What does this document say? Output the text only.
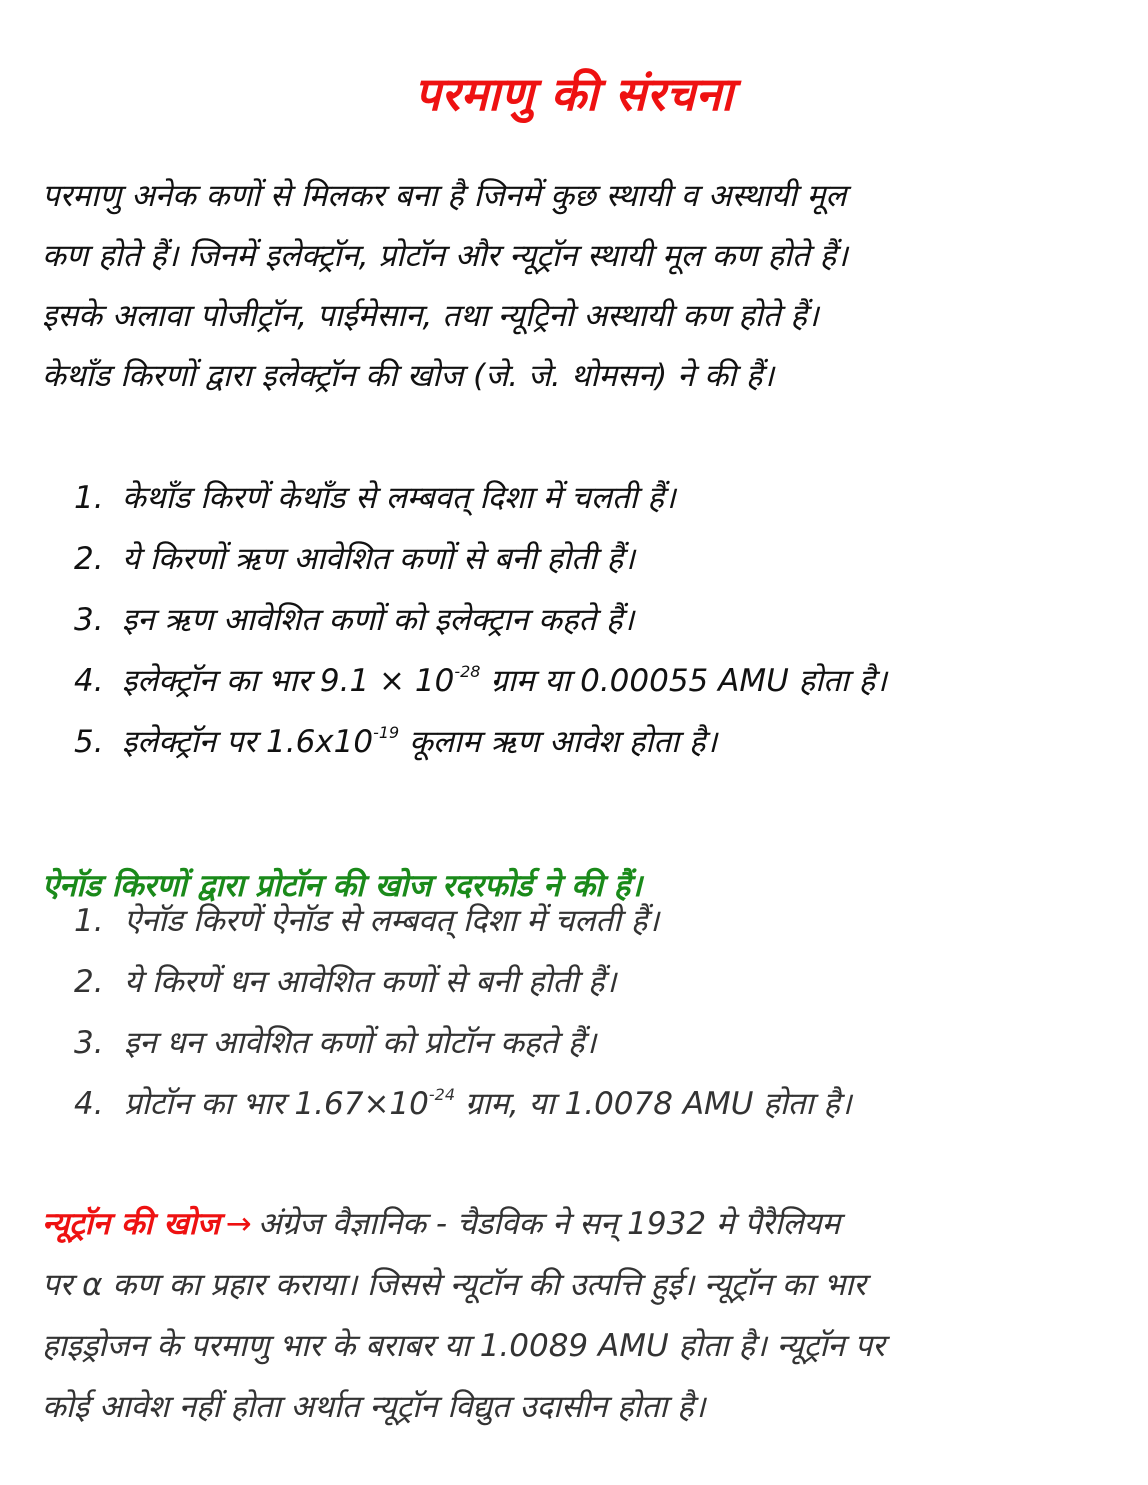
परमाणु की संरचना
परमाणु अनेक कणों से मिलकर बना है जिनमें कुछ स्थायी व अस्थायी मूल
कण होते हैं। जिनमें इलेक्ट्रॉन, प्रोटॉन और न्यूट्रॉन स्थायी मूल कण होते हैं।
इसके अलावा पोजीट्रॉन, पाईमेसान, तथा न्यूट्रिनो अस्थायी कण होते हैं।
केथाँड किरणों द्वारा इलेक्ट्रॉन की खोज (जे. जे. थोमसन) ने की हैं।
1. केथाँड किरणें केथाँड से लम्बवत् दिशा में चलती हैं।
2. ये किरणों ऋण आवेशित कणों से बनी होती हैं।
3. इन ऋण आवेशित कणों को इलेक्ट्रान कहते हैं।
4. इलेक्ट्रॉन का भार $9.1 \times 10^{-28}$ ग्राम या 0.00055 AMU होता है।
5. इलेक्ट्रॉन पर $1.6x10^{-19}$ कूलाम ऋण आवेश होता है।
ऐनॉड किरणों द्वारा प्रोटॉन की खोज रदरफोर्ड ने की हैं।
1. ऐनॉड किरणें ऐनॉड से लम्बवत् दिशा में चलती हैं।
2. ये किरणें धन आवेशित कणों से बनी होती हैं।
3. इन धन आवेशित कणों को प्रोटॉन कहते हैं।
4. प्रोटॉन का भार $1.67\times 10^{-24}$ ग्राम, या 1.0078 AMU होता है।
न्यूट्रॉन की खोज → अंग्रेज वैज्ञानिक - चैडविक ने सन् 1932 मे पैरैलियम
पर α कण का प्रहार कराया। जिससे न्यूटॉन की उत्पत्ति हुई। न्यूट्रॉन का भार
हाइड्रोजन के परमाणु भार के बराबर या 1.0089 AMU होता है। न्यूट्रॉन पर
कोई आवेश नहीं होता अर्थात न्यूट्रॉन विद्युत उदासीन होता है।
